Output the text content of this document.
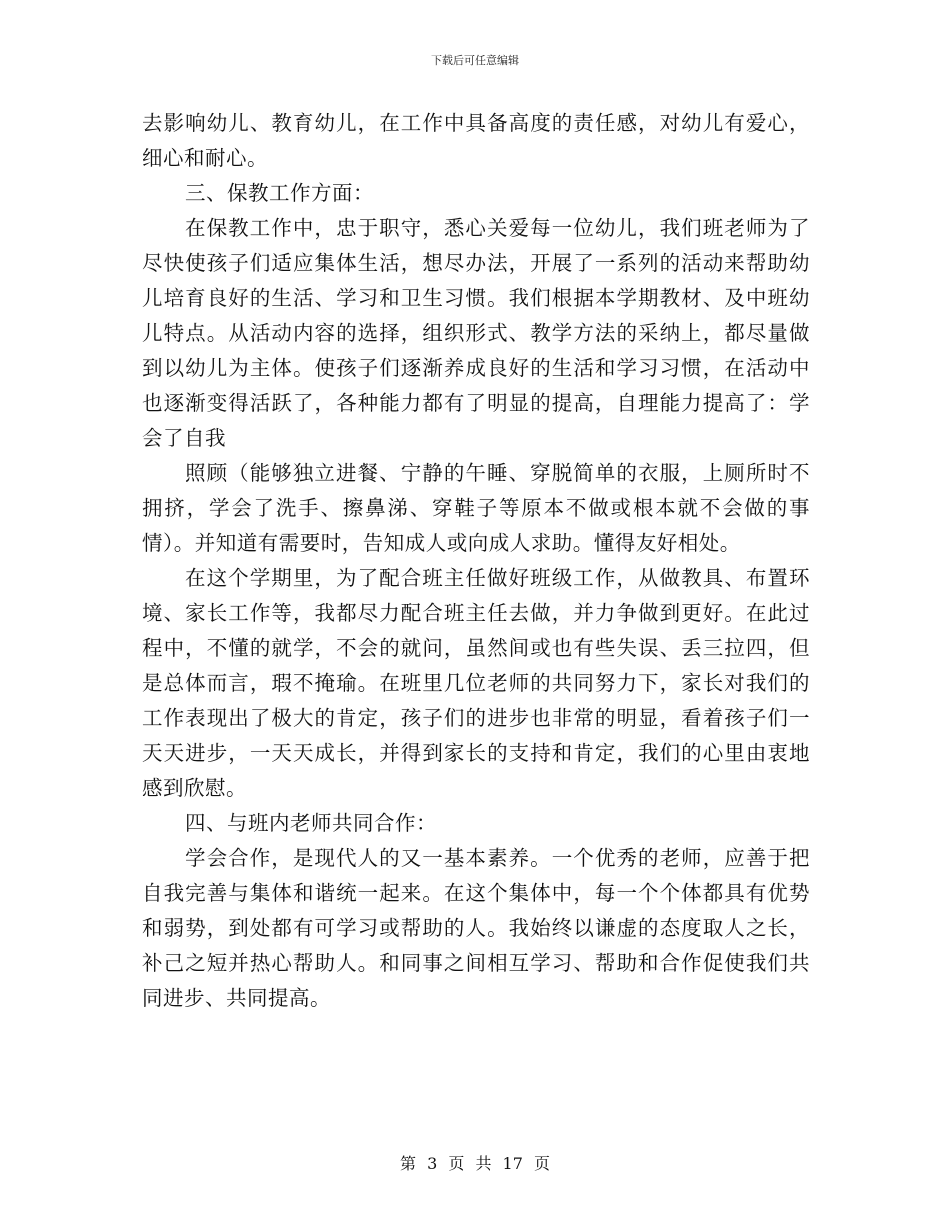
下载后可任意编辑

去影响幼儿、教育幼儿，在工作中具备高度的责任感，对幼儿有爱心，细心和耐心。

三、保教工作方面：

在保教工作中，忠于职守，悉心关爱每一位幼儿，我们班老师为了尽快使孩子们适应集体生活，想尽办法，开展了一系列的活动来帮助幼儿培育良好的生活、学习和卫生习惯。我们根据本学期教材、及中班幼儿特点。从活动内容的选择，组织形式、教学方法的采纳上，都尽量做到以幼儿为主体。使孩子们逐渐养成良好的生活和学习习惯，在活动中也逐渐变得活跃了，各种能力都有了明显的提高，自理能力提高了：学会了自我

照顾（能够独立进餐、宁静的午睡、穿脱简单的衣服，上厕所时不拥挤，学会了洗手、擦鼻涕、穿鞋子等原本不做或根本就不会做的事情）。并知道有需要时，告知成人或向成人求助。懂得友好相处。

在这个学期里，为了配合班主任做好班级工作，从做教具、布置环境、家长工作等，我都尽力配合班主任去做，并力争做到更好。在此过程中，不懂的就学，不会的就问，虽然间或也有些失误、丢三拉四，但是总体而言，瑕不掩瑜。在班里几位老师的共同努力下，家长对我们的工作表现出了极大的肯定，孩子们的进步也非常的明显，看着孩子们一天天进步，一天天成长，并得到家长的支持和肯定，我们的心里由衷地感到欣慰。

四、与班内老师共同合作：

学会合作，是现代人的又一基本素养。一个优秀的老师，应善于把自我完善与集体和谐统一起来。在这个集体中，每一个个体都具有优势和弱势，到处都有可学习或帮助的人。我始终以谦虚的态度取人之长，补己之短并热心帮助人。和同事之间相互学习、帮助和合作促使我们共同进步、共同提高。

第 3 页 共 17 页
